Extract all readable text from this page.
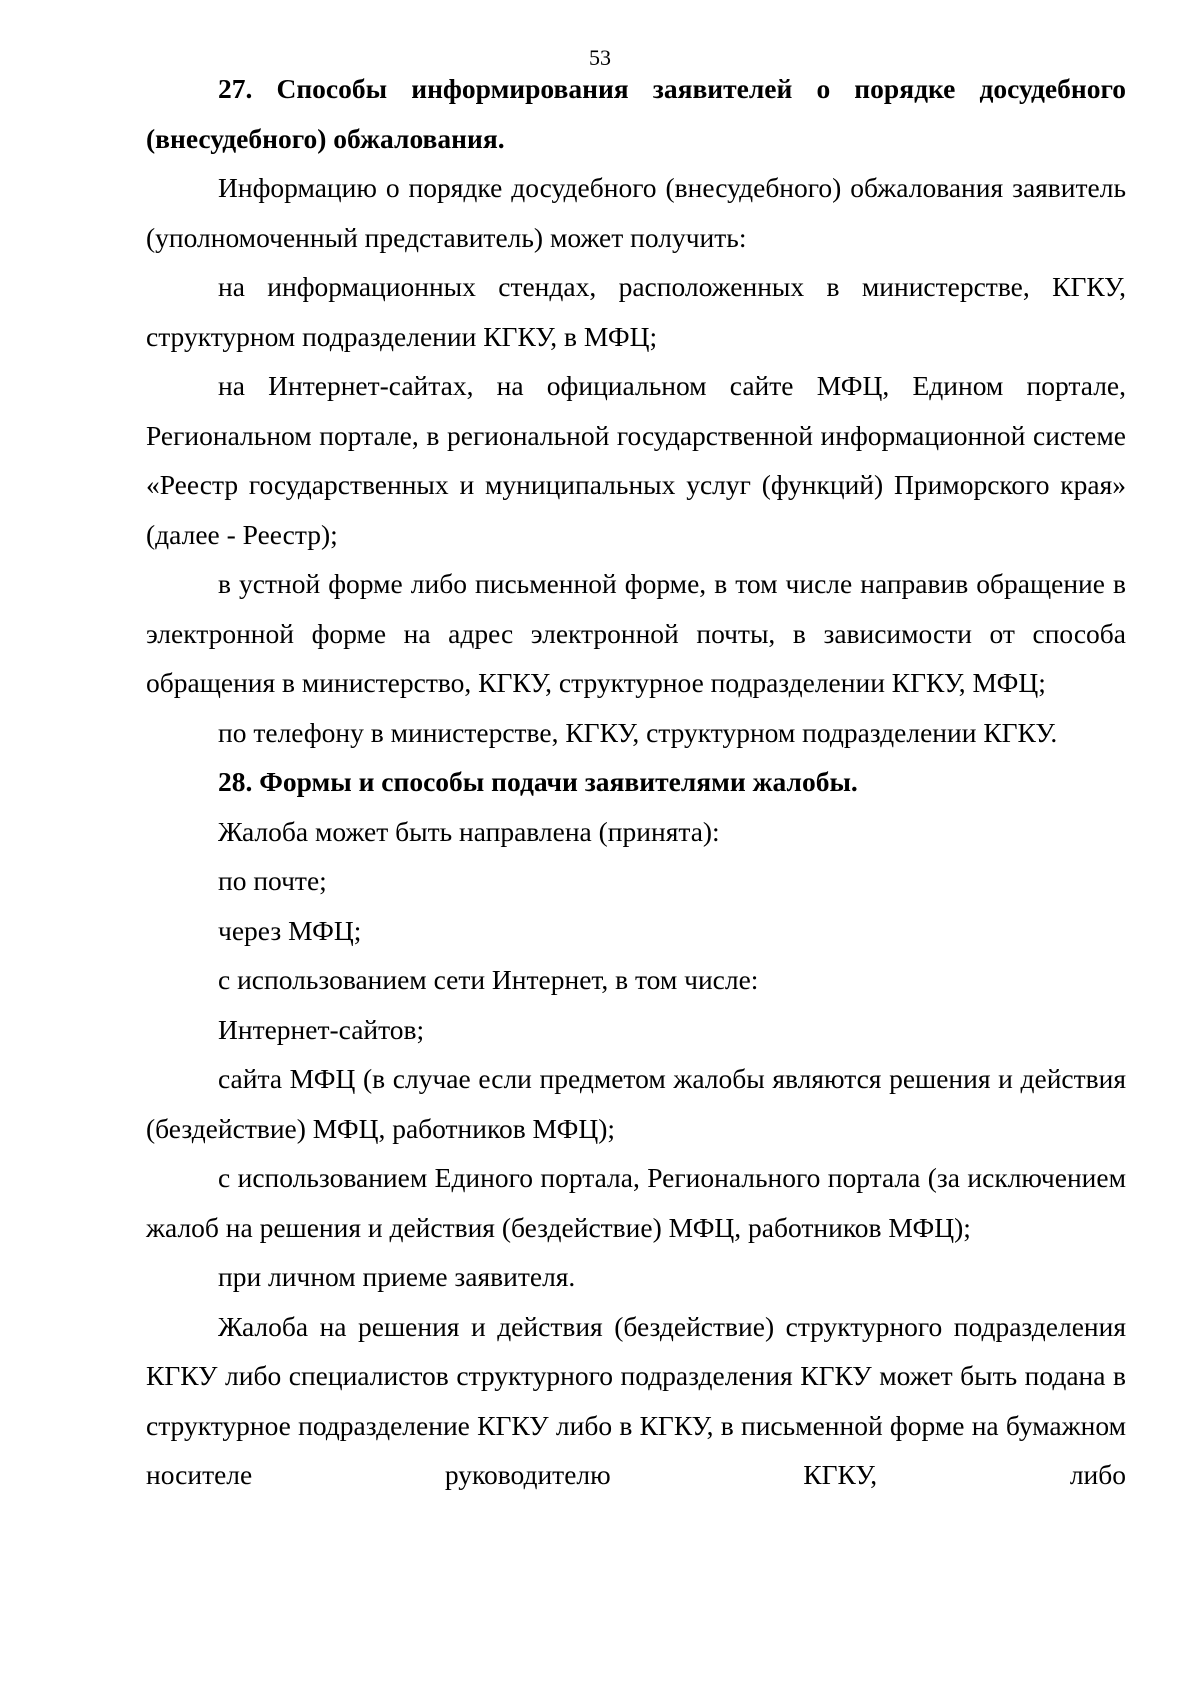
53

27. Способы информирования заявителей о порядке досудебного (внесудебного) обжалования.

Информацию о порядке досудебного (внесудебного) обжалования заявитель (уполномоченный представитель) может получить:

на информационных стендах, расположенных в министерстве, КГКУ, структурном подразделении КГКУ, в МФЦ;

на Интернет-сайтах, на официальном сайте МФЦ, Едином портале, Региональном портале, в региональной государственной информационной системе «Реестр государственных и муниципальных услуг (функций) Приморского края» (далее - Реестр);

в устной форме либо письменной форме, в том числе направив обращение в электронной форме на адрес электронной почты, в зависимости от способа обращения в министерство, КГКУ, структурное подразделении КГКУ, МФЦ;

по телефону в министерстве, КГКУ, структурном подразделении КГКУ.

28. Формы и способы подачи заявителями жалобы.

Жалоба может быть направлена (принята):

по почте;

через МФЦ;

с использованием сети Интернет, в том числе:

Интернет-сайтов;

сайта МФЦ (в случае если предметом жалобы являются решения и действия (бездействие) МФЦ, работников МФЦ);

с использованием Единого портала, Регионального портала (за исключением жалоб на решения и действия (бездействие) МФЦ, работников МФЦ);

при личном приеме заявителя.

Жалоба на решения и действия (бездействие) структурного подразделения КГКУ либо специалистов структурного подразделения КГКУ может быть подана в структурное подразделение КГКУ либо в КГКУ, в письменной форме на бумажном носителе руководителю КГКУ, либо
